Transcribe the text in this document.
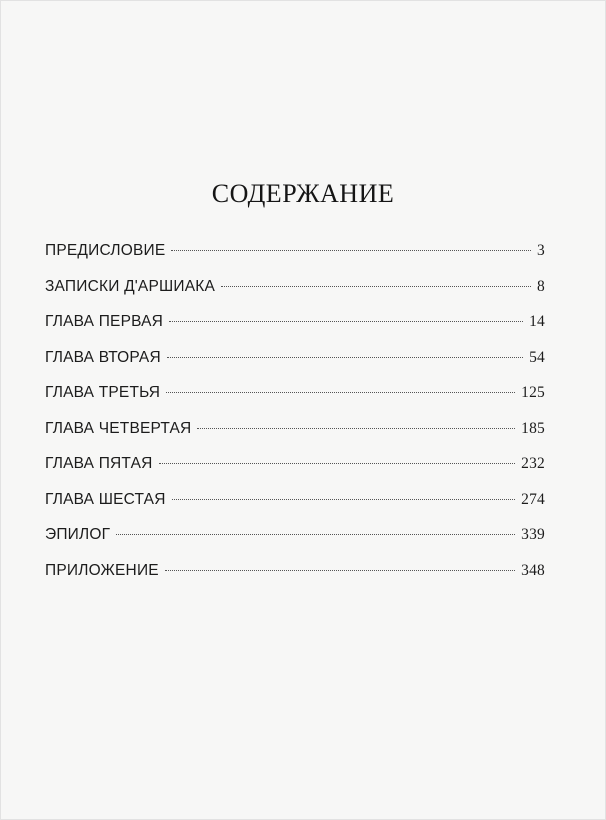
СОДЕРЖАНИЕ
ПРЕДИСЛОВИЕ	3
ЗАПИСКИ Д'АРШИАКА	8
ГЛАВА ПЕРВАЯ	14
ГЛАВА ВТОРАЯ	54
ГЛАВА ТРЕТЬЯ	125
ГЛАВА ЧЕТВЕРТАЯ	185
ГЛАВА ПЯТАЯ	232
ГЛАВА ШЕСТАЯ	274
ЭПИЛОГ	339
ПРИЛОЖЕНИЕ	348
